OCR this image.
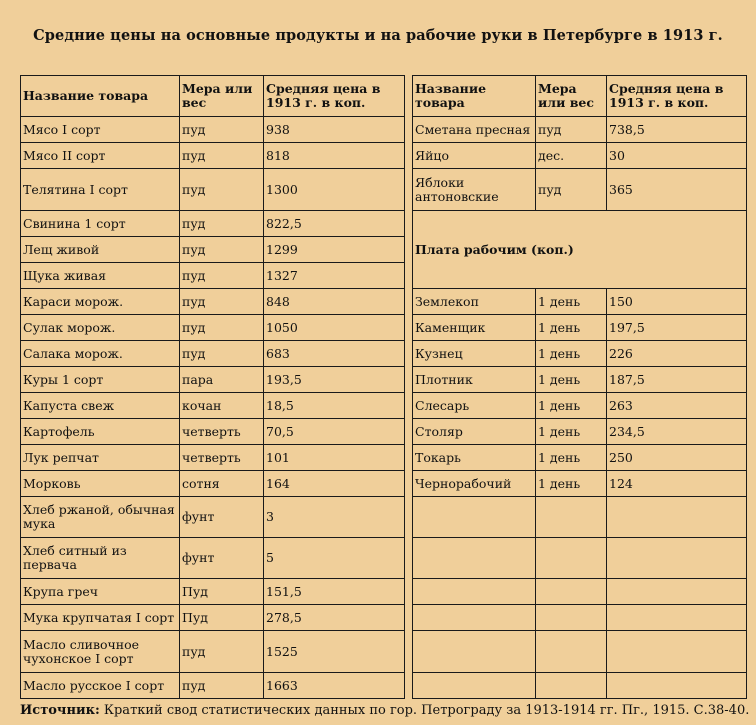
Средние цены на основные продукты и на рабочие руки в Петербурге в 1913 г.
Название товара	Мера или вес	Средняя цена в 1913 г. в коп.		Название товара	Мера или вес	Средняя цена в 1913 г. в коп.
Мясо I сорт	пуд	938		Сметана пресная	пуд	738,5
Мясо II сорт	пуд	818		Яйцо	дес.	30
Телятина I сорт	пуд	1300		Яблоки антоновские	пуд	365
Свинина 1 сорт	пуд	822,5		Плата рабочим (коп.)		
Лещ живой	пуд	1299				
Щука живая	пуд	1327				
Караси морож.	пуд	848		Землекоп	1 день	150
Сулак морож.	пуд	1050		Каменщик	1 день	197,5
Салака морож.	пуд	683		Кузнец	1 день	226
Куры 1 сорт	пара	193,5		Плотник	1 день	187,5
Капуста свеж	кочан	18,5		Слесарь	1 день	263
Картофель	четверть	70,5		Столяр	1 день	234,5
Лук репчат	четверть	101		Токарь	1 день	250
Морковь	сотня	164		Чернорабочий	1 день	124
Хлеб ржаной, обычная мука	фунт	3				
Хлеб ситный из первача	фунт	5				
Крупа греч	Пуд	151,5				
Мука крупчатая I сорт	Пуд	278,5				
Масло сливочное чухонское I сорт	пуд	1525				
Масло русское I сорт	пуд	1663				
Источник: Краткий свод статистических данных по гор. Петрограду за 1913-1914 гг. Пг., 1915. С.38-40.
